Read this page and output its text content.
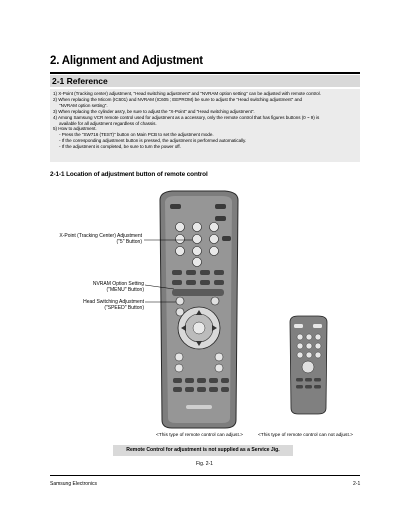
2. Alignment and Adjustment
2-1 Reference
1) X-Point (Tracking center) adjustment, "Head switching adjustment" and "NVRAM option setting" can be adjusted with remote control.
2) When replacing the Micom (IC601) and NVRAM (IC605 ; EEPROM) be sure to adjust the "Head switching adjustment" and
"NVRAM option setting".
3) When replacing the cylinder ass'y, be sure to adjust the "X-Point" and "Head switching adjustment".
4) Among Samsung VCR remote control used for adjustment as a accessory, only the remote control that has figures buttons (0 ~ 9) is
available for all adjustment regardless of chassis.
5) How to adjustment.
- Press the "SW716 (TEST)" button on Main PCB to set the adjustment mode.
- If the corresponding adjustment button is pressed, the adjustment is performed automatically.
- If the adjustment is completed, be sure to turn the power off.
2-1-1 Location of adjustment button of remote control
X-Point (Tracking Center) Adjustment
("5" Button)
NVRAM Option Setting
("MENU" Button)
Head Switching Adjustment
("SPEED" Button)
<This type of remote control can adjust.>	<This type of remote control can not adjust.>
Remote Control for adjustment is not supplied as a Service Jig.
Fig. 2-1
Samsung Electronics	2-1
